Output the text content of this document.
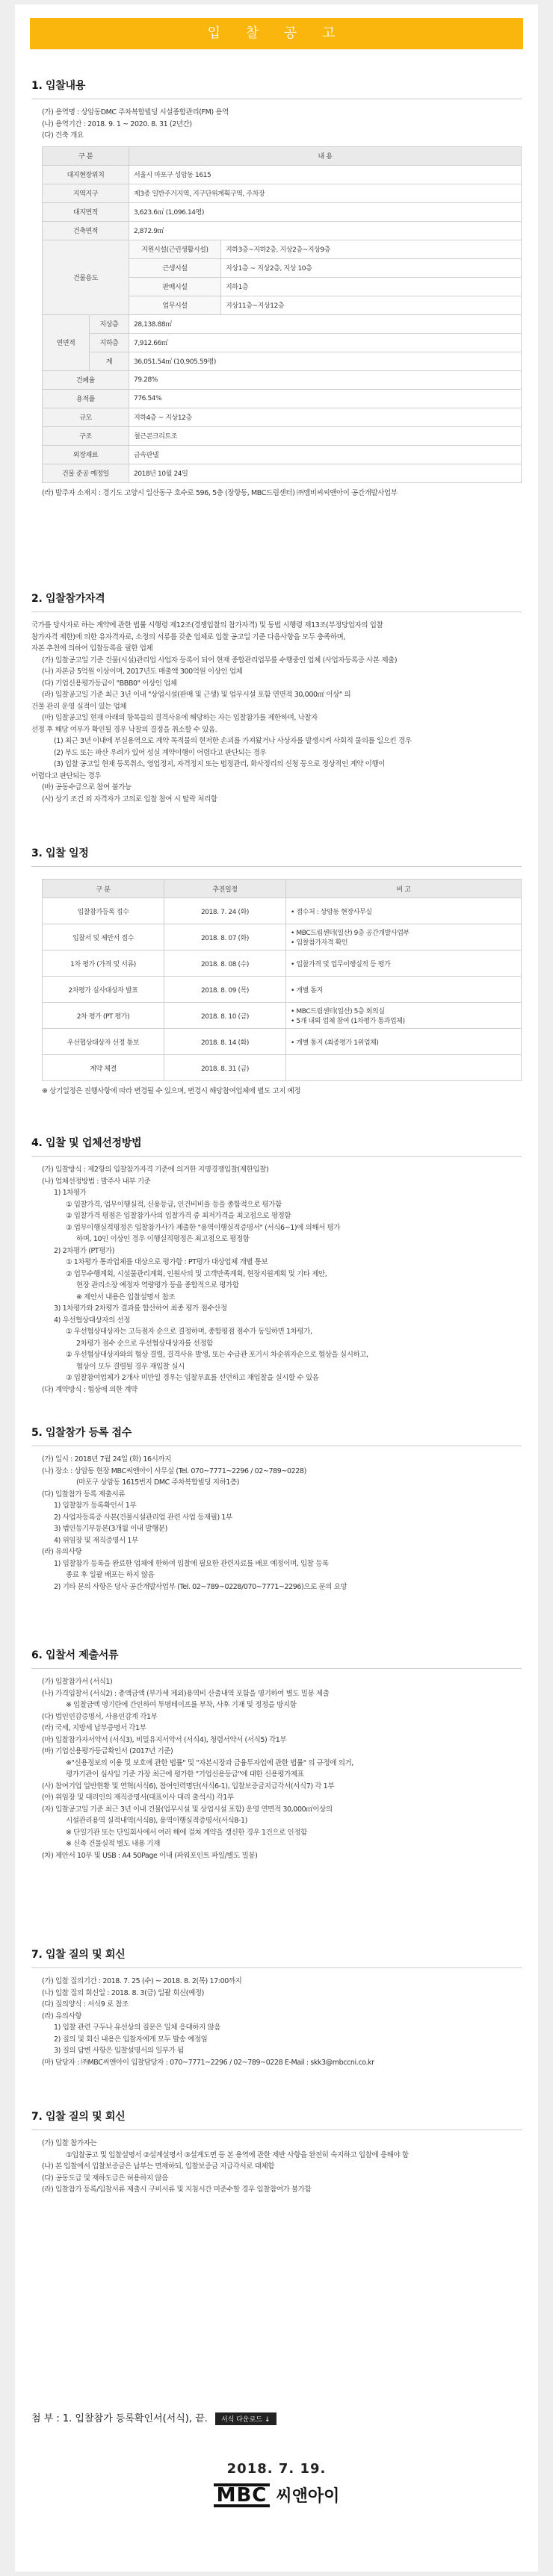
입 찰 공 고
1. 입찰내용

(가) 용역명 : 상암동DMC 주차복합빌딩 시설종합관리(FM) 용역

(나) 용역기간 : 2018. 9. 1 ~ 2020. 8. 31 (2년간)

(다) 건축 개요

구 분		내 용	
대지현장위치		서울시 마포구 성암동 1615	
지역지구		제3종 일반주거지역, 지구단위계획구역, 주차장	
대지면적		3,623.6㎡ (1,096.14평)	
건축면적		2,872.9㎡	
건물용도		지원시설(근린생활시설)	지하3층~지하2층, 지상2층~지상9층
		근생시설	지상1층 ~ 지상2층, 지상 10층
		판매시설	지하1층
		업무시설	지상11층~지상12층
연면적	지상층	28,138.88㎡	
	지하층	7,912.66㎡	
	계	36,051.54㎡ (10,905.59평)	
건폐율		79.28%	
용적률		776.54%	
규모		지하4층 ~ 지상12층	
구조		철근콘크리트조	
외장재료		금속판넬	
건물 준공 예정일		2018년 10월 24일	

(라) 발주자 소재지 : 경기도 고양시 일산동구 호수로 596, 5층 (장항동, MBC드림센터) ㈜엠비씨씨앤아이 공간개발사업부

2. 입찰참가자격

국가를 당사자로 하는 계약에 관한 법률 시행령 제12조(경쟁입찰의 참가자격) 및 동법 시행령 제13조(부정당업자의 입찰

참가자격 제한)에 의한 유자격자로, 소정의 서류를 갖춘 업체로 입찰 공고일 기준 다음사항을 모두 충족하며,

자본 추천에 의하여 입찰등록을 필한 업체

(가) 입찰공고일 기준 건물(시설)관리업 사업자 등록이 되어 현재 종합관리업무를 수행중인 업체 (사업자등록증 사본 제출)

(나) 자본금 5억원 이상이며, 2017년도 매출액 300억원 이상인 업체

(다) 기업신용평가등급이 "BBB0" 이상인 업체

(라) 입찰공고일 기준 최근 3년 이내 "상업시설(판매 및 근생) 및 업무시설 포함 연면적 30,000㎡ 이상" 의

건물 관리 운영 실적이 있는 업체

(마) 입찰공고일 현재 아래의 항목들의 결격사유에 해당하는 자는 입찰참가를 제한하며, 낙찰자

선정 후 해당 여부가 확인될 경우 낙찰의 결정을 취소할 수 있음.

(1) 최근 3년 이내에 부실용역으로 계약 목적물의 현저한 손괴를 가져왔거나 사상자를 발생시켜 사회적 물의를 일으킨 경우

(2) 부도 또는 파산 우려가 있어 성실 계약이행이 어렵다고 판단되는 경우

(3) 입찰 공고일 현재 등록취소, 영업정지, 자격정지 또는 법정관리, 화사정리의 신청 등으로 정상적인 계약 이행이

어렵다고 판단되는 경우

(바) 공동수급으로 참여 불가능

(사) 상기 조건 외 자격자가 고의로 입찰 참여 시 탈락 처리함

3. 입찰 일정
구 분	추진일정	비 고
입찰참가등록 접수	2018. 7. 24 (화)	• 접수처 : 상암동 현장사무실
입찰서 및 제안서 접수	2018. 8. 07 (화)	• MBC드림센터(일산) 9층 공간개발사업부
• 입찰참가자격 확인
1차 평가 (가격 및 서류)	2018. 8. 08 (수)	• 입찰가격 및 업무이행실적 등 평가
2차평가 실사대상자 발표	2018. 8. 09 (목)	• 개별 통지
2차 평가 (PT 평가)	2018. 8. 10 (금)	• MBC드림센터(일산) 5층 회의실
• 5개 내외 업체 참여 (1차평가 통과업체)
우선협상대상자 선정 통보	2018. 8. 14 (화)	• 개별 통지 (최종평가 1위업체)
계약 체결	2018. 8. 31 (금)	

※ 상기일정은 진행사항에 따라 변경될 수 있으며, 변경시 해당참여업체에 별도 고지 예정

4. 입찰 및 업체선정방법

(가) 입찰방식 : 제2항의 입찰참가자격 기준에 의거한 지명경쟁입찰(제한입찰)

(나) 업체선정방법 : 발주사 내부 기준

1) 1차평가

① 입찰가격, 업무이행실적, 신용등급, 인건비비율 등을 종합적으로 평가함

② 입찰가격 평점은 입찰참가사의 입찰가격 중 최저가격을 최고점으로 평정함

③ 업무이행실적평정은 입찰참가사가 제출한 "용역이행실적증명서" (서식6~1)에 의해서 평가

하며, 10인 이상인 경우 이행실적평정은 최고점으로 평정함

2) 2차평가 (PT평가)

① 1차평가 통과업체를 대상으로 평가함 : PT평가 대상업체 개별 통보

② 업무수행계획, 시설물관리계획, 인원사의 및 고객만족계획, 현장지원계획 및 기타 제안,

현장 관리소장 예정자 역량평가 등을 종합적으로 평가함

※ 제안서 내용은 입찰설명서 참조

3) 1차평가와 2차평가 결과를 합산하여 최종 평가 점수산정

4) 우선협상대상자의 선정

① 우선협상대상자는 고득점자 순으로 결정하며, 종합평점 점수가 동일하면 1차평가,

2차평가 점수 순으로 우선협상대상자를 선정함

② 우선협상대상자와의 협상 결렬, 결격사유 발생, 또는 수급관 포기시 차순위자순으로 협상을 실시하고,

협상이 모두 결렬될 경우 재입찰 실시

③ 입찰참여업체가 2개사 미만일 경우는 입찰무효를 선언하고 재입찰을 실시할 수 있음

(다) 계약방식 : 협상에 의한 계약

5. 입찰참가 등록 접수

(가) 일시 : 2018년 7월 24일 (화) 16시까지

(나) 장소 : 상암동 현장 MBC씨앤아이 사무실 (Tel. 070~7771~2296 / 02~789~0228)

(마포구 상암동 1615번지 DMC 주차복합빌딩 지하1층)

(다) 입찰참가 등록 제출서류

1) 입찰참가 등록확인서 1부

2) 사업자등록증 사본(건물시설관리업 관련 사업 등재필) 1부

3) 법인등기부등본(3개월 이내 발행분)

4) 위임장 및 재직증명서 1부

(라) 유의사항

1) 입찰참가 등록을 완료한 업체에 한하여 입찰에 필요한 관련자료를 배포 예정이며, 입찰 등록

종료 후 일괄 배포는 하지 않음

2) 기타 문의 사항은 당사 공간개발사업부 (Tel. 02~789~0228/070~7771~2296)으로 문의 요망

6. 입찰서 제출서류

(가) 입찰참가서 (서식1)

(나) 가격입찰서 (서식2) : 총액금액 (부가세 제외)용역비 산출내역 포함을 명기하여 별도 밀봉 제출

※ 입찰금액 명기란에 간인하여 투명테이프를 부착, 사후 기재 및 정정을 방지함

(다) 법인인감증명서, 사용인감계 각1부

(라) 국세, 지방세 납부증명서 각1부

(마) 입찰참가자서약서 (서식3), 비밀유지서약서 (서식4), 청렴서약서 (서식5) 각1부

(바) 기업신용평가등급확인서 (2017년 기준)

※"신용정보의 이용 및 보호에 관한 법률" 및 "자본시장과 금융투자업에 관한 법률" 의 규정에 의거,

평가기관이 심사일 기준 가장 최근에 평가한 "기업신용등급"에 대한 신용평가제표

(사) 참여기업 일반현황 및 연혁(서식6), 참여인력명단(서식6-1), 입찰보증금지급각서(서식7) 각 1부

(아) 위임장 및 대리인의 재직증명서(대표이사 대리 출석시) 각1부

(자) 입찰공고일 기준 최근 3년 이내 건물(업무시설 및 상업시설 포함) 운영 연면적 30,000㎡이상의

시설관리용역 실적내역(서식8), 용역이행실적증명서(서식8-1)

※ 단일기관 또는 단일회사에서 여러 해에 걸쳐 계약을 갱신한 경우 1건으로 인정함

※ 신축 건물실적 별도 내용 기재

(차) 제안서 10부 및 USB : A4 50Page 이내 (파워포인트 파일/별도 밀봉)

7. 입찰 질의 및 회신

(가) 입찰 질의기간 : 2018. 7. 25 (수) ~ 2018. 8. 2(목) 17:00까지

(나) 입찰 질의 회신일 : 2018. 8. 3(금) 일괄 회신(예정)

(다) 질의양식 : 서식9 로 참조

(라) 유의사항

1) 입찰 관련 구두나 유선상의 질문은 일체 응대하지 않음

2) 질의 및 회신 내용은 입찰자에게 모두 발송 예정임

3) 질의 답변 사항은 입찰설명서의 일부가 됨

(마) 담당자 : ㈜MBC씨앤아이 입찰담당자 : 070~7771~2296 / 02~789~0228 E-Mail : skk3@mbccni.co.kr

7. 입찰 질의 및 회신

(가) 입찰 참가자는

①입찰공고 및 입찰설명서 ②설계설명서 ③설계도면 등 본 용역에 관한 제반 사항을 완전히 숙지하고 입찰에 응해야 함

(나) 본 입찰에서 입찰보증금은 납부는 면제하되, 입찰보증금 지급각서로 대체함

(다) 공동도급 및 재하도급은 허용하지 않음

(라) 입찰참가 등록/입찰서류 제출시 구비서류 및 지침시간 미준수할 경우 입찰참여가 불가함

첨 부 : 1. 입찰참가 등록확인서(서식), 끝. 서식 다운로드 ↓
2018. 7. 19.
MBC 씨앤아이
